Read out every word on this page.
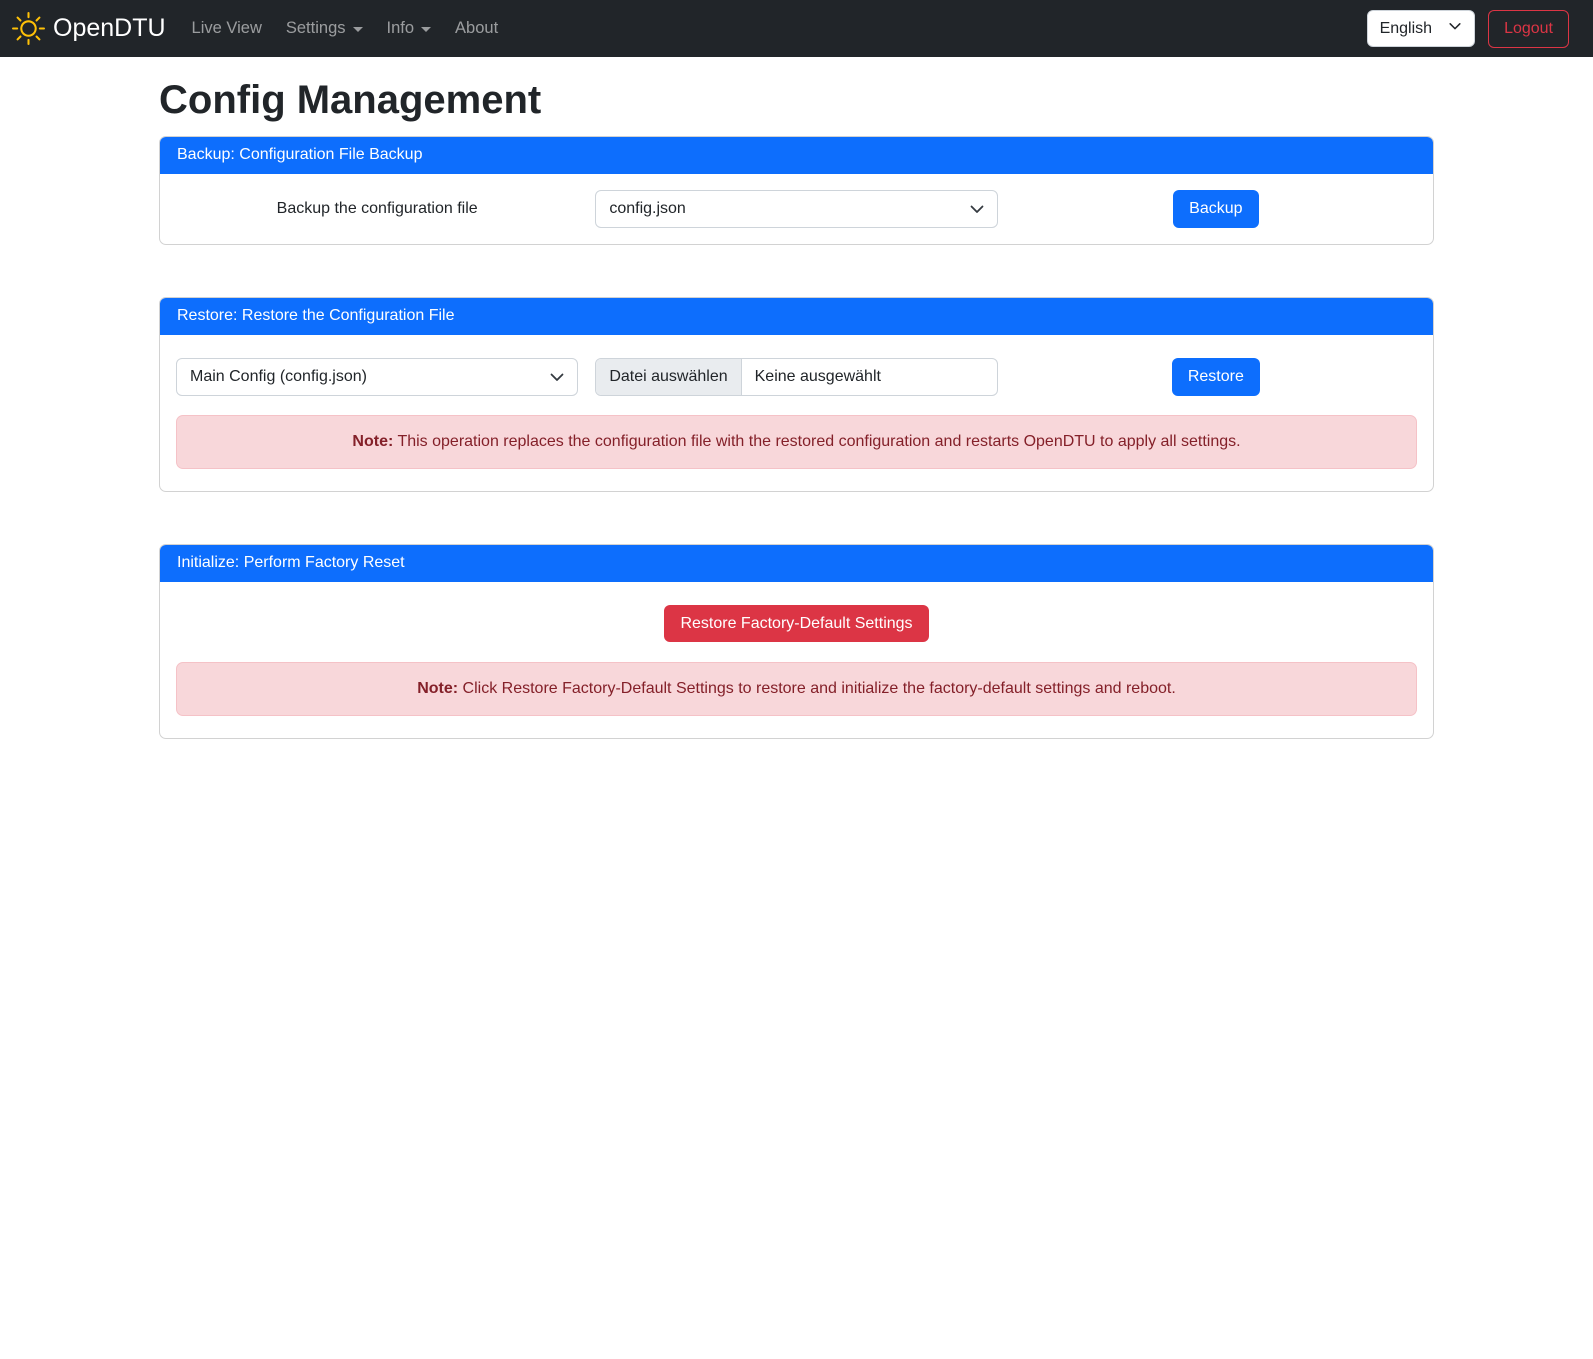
OpenDTU Live View Settings Info About	English	Logout
Config Management
Backup: Configuration File Backup
Backup the configuration file	config.json	Backup
Restore: Restore the Configuration File
Main Config (config.json)	Datei auswählen	Keine ausgewählt	Restore
Note: This operation replaces the configuration file with the restored configuration and restarts OpenDTU to apply all settings.
Initialize: Perform Factory Reset
Restore Factory-Default Settings
Note: Click Restore Factory-Default Settings to restore and initialize the factory-default settings and reboot.
